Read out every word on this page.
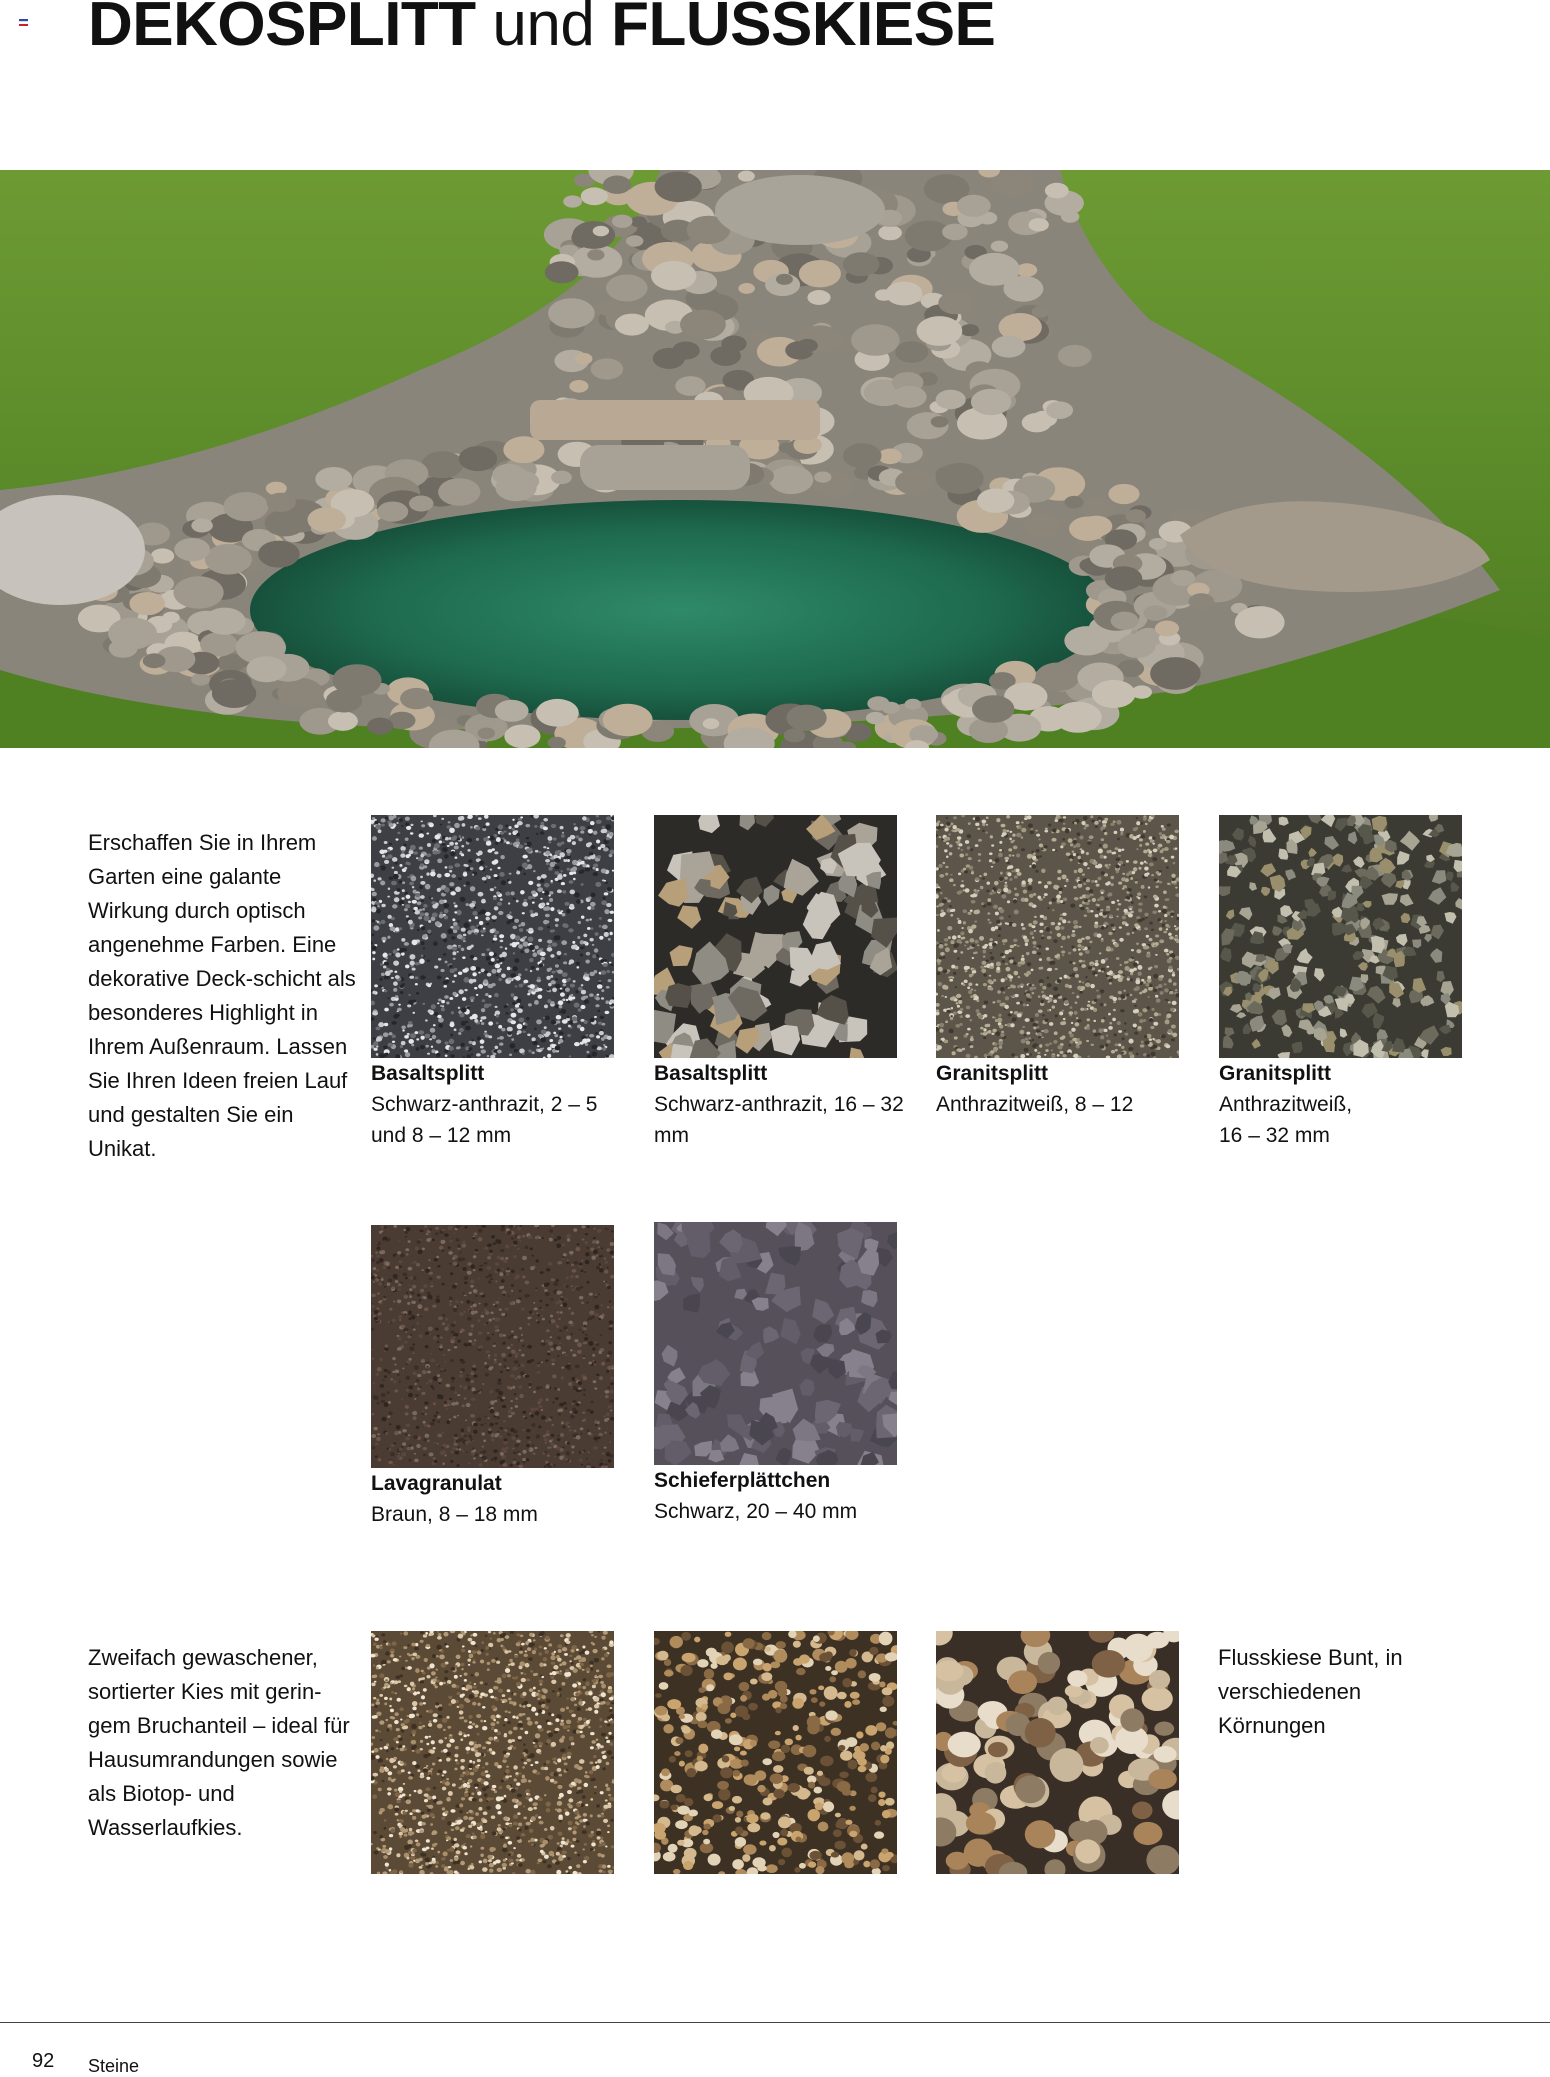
DEKOSPLITT und FLUSSKIESE

Erschaffen Sie in Ihrem Garten eine galante Wirkung durch optisch angenehme Farben. Eine dekorative Deck-schicht als besonderes Highlight in Ihrem Außenraum. Lassen Sie Ihren Ideen freien Lauf und gestalten Sie ein Unikat.

Basaltsplitt
Schwarz-anthrazit, 2 – 5 und 8 – 12 mm
Basaltsplitt
Schwarz-anthrazit, 16 – 32 mm
Granitsplitt
Anthrazitweiß, 8 – 12
Granitsplitt
Anthrazitweiß, 16 – 32 mm
Lavagranulat
Braun, 8 – 18 mm
Schieferplättchen
Schwarz, 20 – 40 mm

Zweifach gewaschener, sortierter Kies mit gerin-gem Bruchanteil – ideal für Hausumrandungen sowie als Biotop- und Wasserlaufkies.

Flusskiese Bunt, in verschiedenen Körnungen

92 Steine
